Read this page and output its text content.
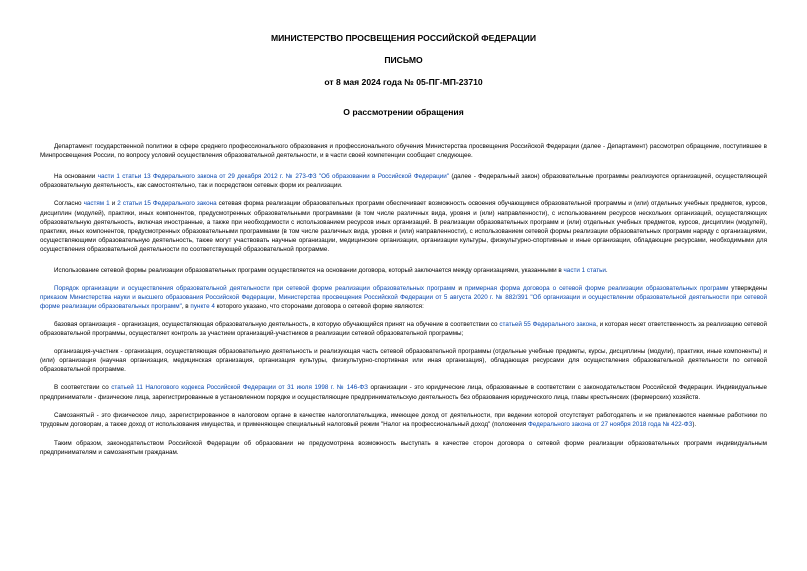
МИНИСТЕРСТВО ПРОСВЕЩЕНИЯ РОССИЙСКОЙ ФЕДЕРАЦИИ
ПИСЬМО
от 8 мая 2024 года № 05-ПГ-МП-23710
О рассмотрении обращения

Департамент государственной политики в сфере среднего профессионального образования и профессионального обучения Министерства просвещения Российской Федерации (далее - Департамент) рассмотрел обращение, поступившее в Минпросвещения России, по вопросу условий осуществления образовательной деятельности, и в части своей компетенции сообщает следующее.

На основании части 1 статьи 13 Федерального закона от 29 декабря 2012 г. № 273-ФЗ "Об образовании в Российской Федерации" (далее - Федеральный закон) образовательные программы реализуются организацией, осуществляющей образовательную деятельность, как самостоятельно, так и посредством сетевых форм их реализации.

Согласно частям 1 и 2 статьи 15 Федерального закона сетевая форма реализации образовательных программ обеспечивает возможность освоения обучающимся образовательной программы и (или) отдельных учебных предметов, курсов, дисциплин (модулей), практики, иных компонентов, предусмотренных образовательными программами (в том числе различных вида, уровня и (или) направленности), с использованием ресурсов нескольких организаций, осуществляющих образовательную деятельность, включая иностранные, а также при необходимости с использованием ресурсов иных организаций. В реализации образовательных программ и (или) отдельных учебных предметов, курсов, дисциплин (модулей), практики, иных компонентов, предусмотренных образовательными программами (в том числе различных вида, уровня и (или) направленности), с использованием сетевой формы реализации образовательных программ наряду с организациями, осуществляющими образовательную деятельность, также могут участвовать научные организации, медицинские организации, организации культуры, физкультурно-спортивные и иные организации, обладающие ресурсами, необходимыми для осуществления образовательной деятельности по соответствующей образовательной программе.

Использование сетевой формы реализации образовательных программ осуществляется на основании договора, который заключается между организациями, указанными в части 1 статьи.

Порядок организации и осуществления образовательной деятельности при сетевой форме реализации образовательных программ и примерная форма договора о сетевой форме реализации образовательных программ утверждены приказом Министерства науки и высшего образования Российской Федерации, Министерства просвещения Российской Федерации от 5 августа 2020 г. № 882/391 "Об организации и осуществлении образовательной деятельности при сетевой форме реализации образовательных программ", в пункте 4 которого указано, что сторонами договора о сетевой форме являются:

базовая организация - организация, осуществляющая образовательную деятельность, в которую обучающийся принят на обучение в соответствии со статьей 55 Федерального закона, и которая несет ответственность за реализацию сетевой образовательной программы, осуществляет контроль за участием организаций-участников в реализации сетевой образовательной программы;

организация-участник - организация, осуществляющая образовательную деятельность и реализующая часть сетевой образовательной программы (отдельные учебные предметы, курсы, дисциплины (модули), практики, иные компоненты) и (или) организация (научная организация, медицинская организация, организация культуры, физкультурно-спортивная или иная организация), обладающая ресурсами для осуществления образовательной деятельности по сетевой образовательной программе.

В соответствии со статьей 11 Налогового кодекса Российской Федерации от 31 июля 1998 г. № 146-ФЗ организации - это юридические лица, образованные в соответствии с законодательством Российской Федерации. Индивидуальные предприниматели - физические лица, зарегистрированные в установленном порядке и осуществляющие предпринимательскую деятельность без образования юридического лица, главы крестьянских (фермерских) хозяйств.

Самозанятый - это физическое лицо, зарегистрированное в налоговом органе в качестве налогоплательщика, имеющее доход от деятельности, при ведении которой отсутствует работодатель и не привлекаются наемные работники по трудовым договорам, а также доход от использования имущества, и применяющее специальный налоговый режим "Налог на профессиональный доход" (положения Федерального закона от 27 ноября 2018 года № 422-ФЗ).

Таким образом, законодательством Российской Федерации об образовании не предусмотрена возможность выступать в качестве сторон договора о сетевой форме реализации образовательных программ индивидуальным предпринимателям и самозанятым гражданам.
